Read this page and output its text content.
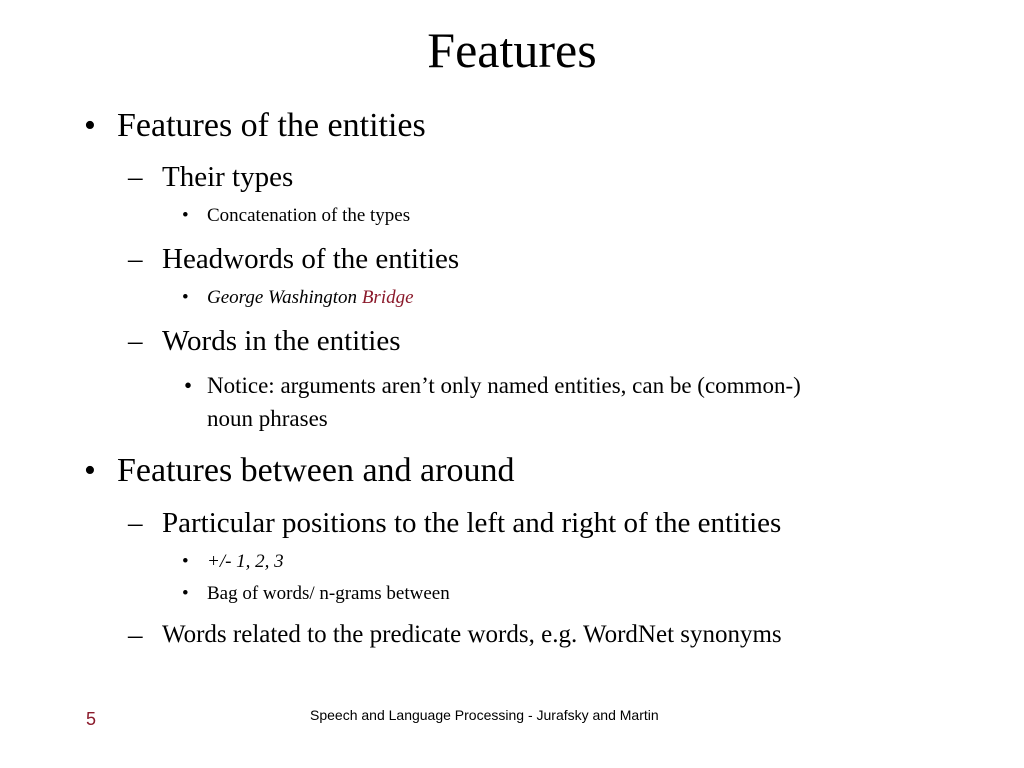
Features
• Features of the entities
– Their types
• Concatenation of the types
– Headwords of the entities
• George Washington Bridge
– Words in the entities
• Notice: arguments aren’t only named entities, can be (common-)
noun phrases
• Features between and around
– Particular positions to the left and right of the entities
• +/- 1, 2, 3
• Bag of words/ n-grams between
– Words related to the predicate words, e.g. WordNet synonyms
5	Speech and Language Processing - Jurafsky and Martin
